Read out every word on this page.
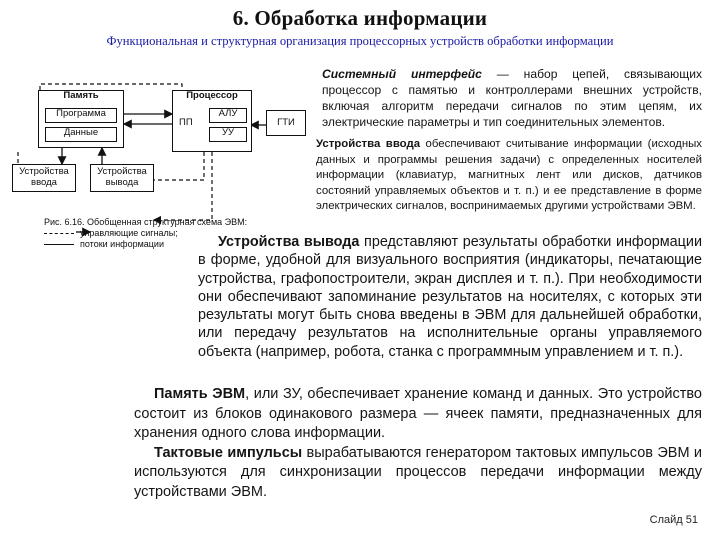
6. Обработка информации
Функциональная и структурная организация процессорных устройств обработки информации
Память
Программа
Данные
Процессор
АЛУ
ПП
УУ
ГТИ
Устройства ввода
Устройства вывода
Рис. 6.16. Обобщенная структурная схема ЭВМ:
управляющие сигналы;
потоки информации
Системный интерфейс — набор цепей, связывающих процессор с памятью и контроллерами внешних устройств, включая алгоритм передачи сигналов по этим цепям, их электрические параметры и тип соединительных элементов.
Устройства ввода обеспечивают считывание информации (исходных данных и программы решения задачи) с определенных носителей информации (клавиатур, магнитных лент или дисков, датчиков состояний управляемых объектов и т. п.) и ее представление в форме электрических сигналов, воспринимаемых другими устройствами ЭВМ.
Устройства вывода представляют результаты обработки информации в форме, удобной для визуального восприятия (индикаторы, печатающие устройства, графопостроители, экран дисплея и т. п.). При необходимости они обеспечивают запоминание результатов на носителях, с которых эти результаты могут быть снова введены в ЭВМ для дальнейшей обработки, или передачу результатов на исполнительные органы управляемого объекта (например, робота, станка с программным управлением и т. п.).
Память ЭВМ, или ЗУ, обеспечивает хранение команд и данных. Это устройство состоит из блоков одинакового размера — ячеек памяти, предназначенных для хранения одного слова информации.
Тактовые импульсы вырабатываются генератором тактовых импульсов ЭВМ и используются для синхронизации процессов передачи информации между устройствами ЭВМ.
Слайд 51
